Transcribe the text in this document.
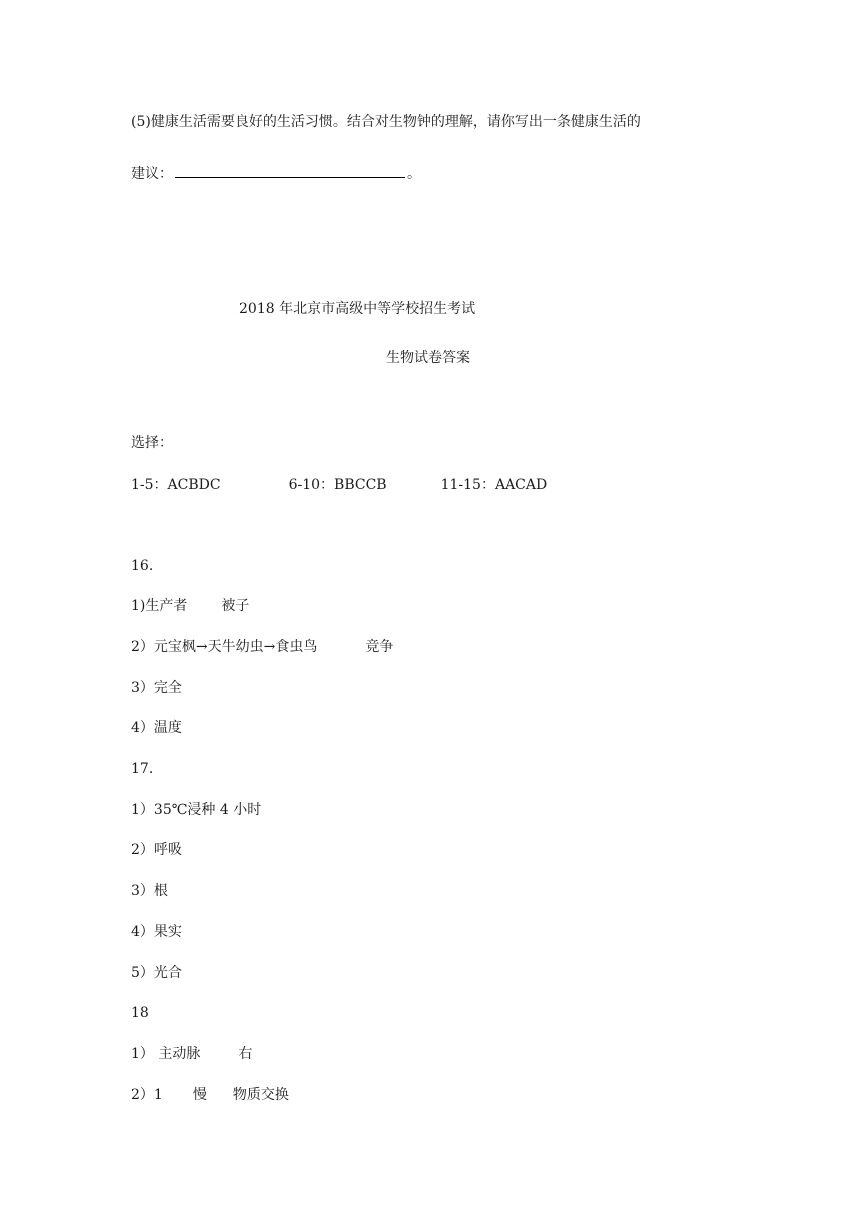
(5)健康生活需要良好的生活习惯。结合对生物钟的理解，请你写出一条健康生活的
建议：	。
2018 年北京市高级中等学校招生考试
生物试卷答案
选择：
1-5：ACBDC	6-10：BBCCB	11-15：AACAD
16.
1)生产者 被子
2）元宝枫→天牛幼虫→食虫鸟	竞争
3）完全
4）温度
17.
1）35℃浸种 4 小时
2）呼吸
3）根
4）果实
5）光合
18
1） 主动脉	右
2）1 慢 物质交换
